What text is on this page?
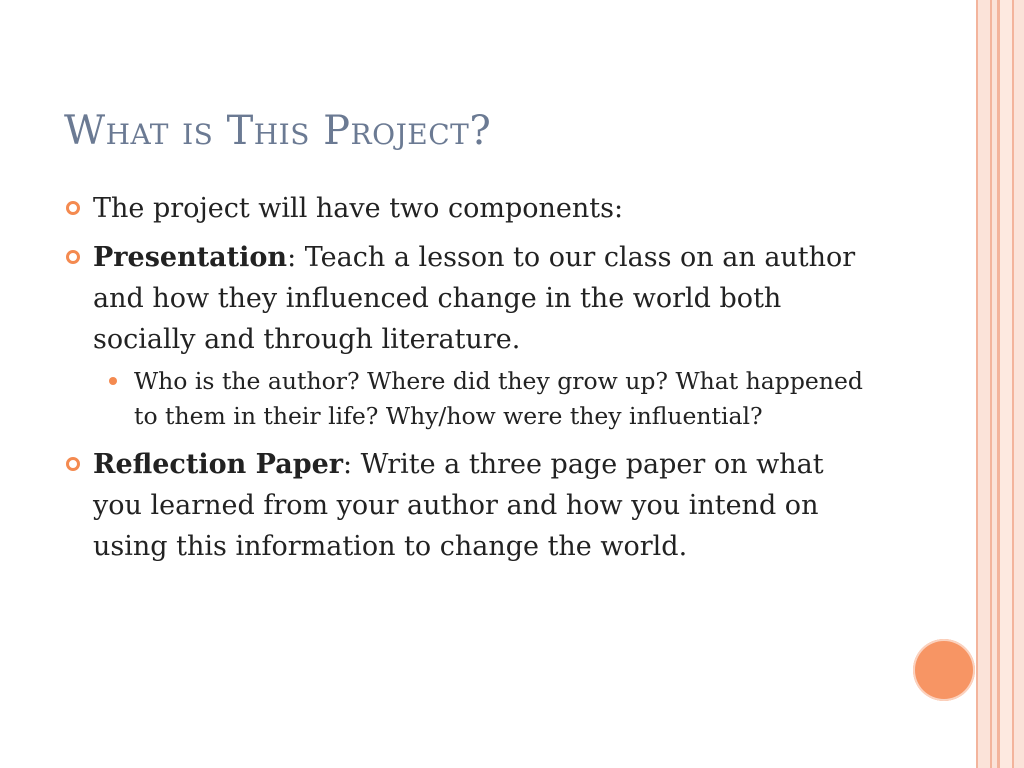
What is This Project?
The project will have two components:
Presentation: Teach a lesson to our class on an author and how they influenced change in the world both socially and through literature.
Who is the author? Where did they grow up? What happened to them in their life? Why/how were they influential?
Reflection Paper: Write a three page paper on what you learned from your author and how you intend on using this information to change the world.
